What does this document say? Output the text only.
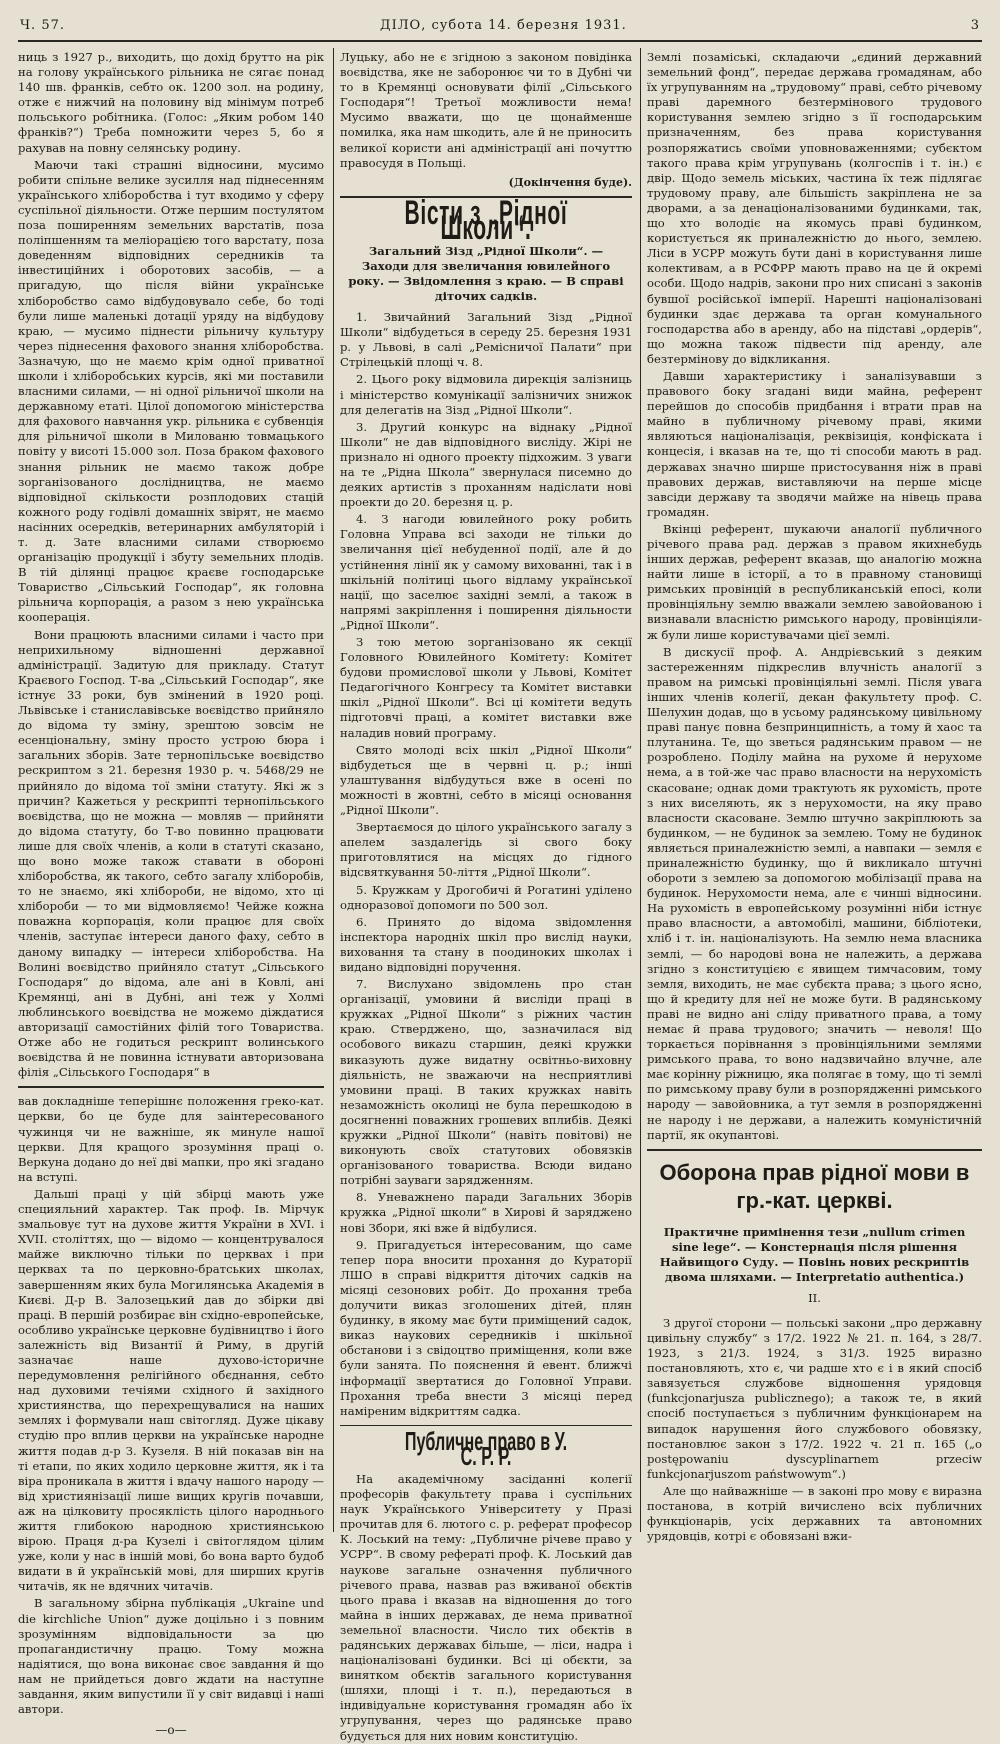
Ч. 57.	ДІЛО, субота 14. березня 1931.	3

ниць з 1927 р., виходить, що дохід брутто на рік на голову українського рільника не сягає понад 140 шв. франків, себто ок. 1200 зол. на родину, отже є нижчий на половину від мінімум потреб польського робітника. (Голос: „Яким робом 140 франків?“) Треба помножити через 5, бо я рахував на повну селянську родину.

Маючи такі страшні відносини, мусимо робити спільне велике зусилля над піднесенням українського хліборобства і тут входимо у сферу суспільної діяльности. Отже першим постулятом поза поширенням земельних варстатів, поза поліпшенням та меліорацією того варстату, поза доведенням відповідних середників та інвестиційних і оборотових засобів, — а пригадую, що після війни українське хліборобство само відбудовувало себе, бо тоді були лише маленькі дотації уряду на відбудову краю, — мусимо піднести рільничу культуру через піднесення фахового знання хліборобства. Зазначую, що не маємо крім одної приватної школи і хліборобських курсів, які ми поставили власними силами, — ні одної рільничої школи на державному етаті. Цілої допомогою міністерства для фахового навчання укр. рільника є субвенція для рільничої школи в Милованю товмацького повіту у висоті 15.000 зол. Поза браком фахового знання рільник не маємо також добре зорганізованого дослідництва, не маємо відповідної скількости розплодових стацій кожного роду годівлі домашніх звірят, не маємо насінних осередків, ветеринарних амбуляторій і т. д. Зате власними силами створюємо організацію продукції і збуту земельних плодів. В тій ділянці працює краєве господарське Товариство „Сільський Господар“, як головна рільнича корпорація, а разом з нею українська кооперація.

Вони працюють власними силами і часто при неприхильному відношенні державної адміністрації. Задитую для прикладу. Статут Краєвого Господ. Т-ва „Сільський Господар“, яке істнує 33 роки, був змінений в 1920 році. Львівське і станиславівське воєвідство прийняло до відома ту зміну, зрештою зовсім не есенціональну, зміну просто устрою бюра і загальних зборів. Зате тернопільське воєвідство рескриптом з 21. березня 1930 р. ч. 5468/29 не прийняло до відома тої зміни статуту. Які ж з причин? Кажеться у рескрипті тернопільського воєвідства, що не можна — мовляв — прийняти до відома статуту, бо Т-во повинно працювати лише для своїх членів, а коли в статуті сказано, що воно може також ставати в обороні хліборобства, як такого, себто загалу хліборобів, то не знаємо, які хлібороби, не відомо, хто ці хлібороби — то ми відмовляємо! Чейже кожна поважна корпорація, коли працює для своїх членів, заступає інтереси даного фаху, себто в даному випадку — інтереси хліборобства. На Волині воєвідство прийняло статут „Сільського Господаря“ до відома, але ані в Ковлі, ані Кремянці, ані в Дубні, ані теж у Холмі люблинського воєвідства не можемо діждатися авторизації самостійних філій того Товариства. Отже або не годиться рескрипт волинського воєвідства й не повинна істнувати авторизована філія „Сільського Господаря“ в

вав докладніше теперішнє положення греко-кат. церкви, бо це буде для заінтересованого чужинця чи не важніше, як минуле нашої церкви. Для кращого зрозуміння праці о. Веркуна додано до неї дві мапки, про які згадано на вступі.

Дальші праці у цій збірці мають уже специяльний характер. Так проф. Ів. Мірчук змальовує тут на духове життя України в XVI. і XVII. століттях, що — відомо — концентрувалося майже виключно тільки по церквах і при церквах та по церковно-братських школах, завершенням яких була Могилянська Академія в Києві. Д-р В. Залозецький дав до збірки дві праці. В першій розбирає він східно-европейське, особливо українське церковне будівництво і його залежність від Византії й Риму, в другій зазначає наше духово-історичне передумовлення релігійного обєднання, себто над духовими течіями східного й західного християнства, що перехрещувалися на наших землях і формували наш світогляд. Дуже цікаву студію про вплив церкви на українське народне життя подав д-р З. Кузеля. В ній показав він на ті етапи, по яких ходило церковне життя, як і та віра проникала в життя і вдачу нашого народу — від християнізації лише вищих кругів почавши, аж на цілковиту просяклість цілого народнього життя глибокою народною християнською вірою. Праця д-ра Кузелі і світоглядом цілим уже, коли у нас в іншій мові, бо вона варто будоб видати в й українській мові, для ширших кругів читачів, як не вдячних читачів.

В загальному збірна публікація „Ukraine und die kirchliche Union“ дуже доцільно і з повним зрозумінням відповідальности за цю пропагандистичну працю. Тому можна надіятися, що вона виконає своє завдання й що нам не прийдеться довго ждати на наступне завдання, яким випустили її у світ видавці і наші автори.

—о—

Луцьку, або не є згідною з законом повідінка воєвідства, яке не заборонює чи то в Дубні чи то в Кремянці основувати філії „Сільського Господаря“! Третьої можливости нема! Мусимо вважати, що це щонайменше помилка, яка нам шкодить, але й не приносить великої користи ані адміністрації ані почуттю правосудя в Польщі.

(Докінчення буде).
Вісти з „Рідної Школи“.
Загальний Зізд „Рідної Школи“. — Заходи для звеличання ювилейного року. — Звідомлення з краю. — В справі діточих садків.

1. Звичайний Загальний Зізд „Рідної Школи“ відбудеться в середу 25. березня 1931 р. у Львові, в салі „Ремісничої Палати“ при Стрілецькій площі ч. 8.

2. Цього року відмовила дирекція залізниць і міністерство комунікації залізничих знижок для делегатів на Зізд „Рідної Школи“.

3. Другий конкурс на віднаку „Рідної Школи“ не дав відповідного висліду. Жірі не признало ні одного проекту підхожим. З уваги на те „Рідна Школа“ звернулася писемно до деяких артистів з проханням надіслати нові проекти до 20. березня ц. р.

4. З нагоди ювилейного року робить Головна Управа всі заходи не тільки до звеличання цієї небуденної події, але й до устійнення лінії як у самому вихованні, так і в шкільній політиці цього відламу української нації, що заселює західні землі, а також в напрямі закріплення і поширення діяльности „Рідної Школи“.

З тою метою зорганізовано як секції Головного Ювилейного Комітету: Комітет будови промислової школи у Львові, Комітет Педагогічного Конгресу та Комітет виставки шкіл „Рідної Школи“. Всі ці комітети ведуть підготовчі праці, а комітет виставки вже наладив новий програму.

Свято молоді всіх шкіл „Рідної Школи“ відбудеться ще в червні ц. р.; інші улаштування відбудуться вже в осені по можності в жовтні, себто в місяці основання „Рідної Школи“.

Звертаємося до цілого українського загалу з апелем заздалегідь зі свого боку приготовлятися на місцях до гідного відсвяткування 50-ліття „Рідної Школи“.

5. Кружкам у Дрогобичі й Рогатині уділено одноразової допомоги по 500 зол.

6. Принято до відома звідомлення інспектора народніх шкіл про вислід науки, виховання та стану в поодиноких школах і видано відповідні поручення.

7. Вислухано звідомлень про стан організації, умовини й висліди праці в кружках „Рідної Школи“ з ріжних частин краю. Стверджено, що, зазначилася від особового викazu старшин, деякі кружки виказують дуже видатну освітньо-виховну діяльність, не зважаючи на несприятливі умовини праці. В таких кружках навіть незаможність околиці не була перешкодою в досягненні поважних грошевих вплибів. Деякі кружки „Рідної Школи“ (навіть повітові) не виконують своїх статутових обовязків організованого товариства. Всюди видано потрібні зауваги зарядженням.

8. Уневажнено паради Загальних Зборів кружка „Рідної школи“ в Хирові й заряджено нові Збори, які вже й відбулися.

9. Пригадується інтересованим, що саме тепер пора вносити прохання до Кураторії ЛШО в справі відкриття діточих садків на місяці сезонових робіт. До прохання треба долучити виказ зголошених дітей, плян будинку, в якому має бути приміщений садок, виказ наукових середників і шкільної обстанови і з свідоцтво приміщення, коли вже були занята. По пояснення й евент. ближчі інформації звертатися до Головної Управи. Прохання треба внести 3 місяці перед наміреним відкриттям садка.

Публичне право в У. С. Р. Р.

На академічному засіданні колегії професорів факультету права і суспільних наук Українського Університету у Празі прочитав для 6. лютого с. р. реферат професор К. Лоський на тему: „Публичне річеве право у УСРР“. В свому рефераті проф. К. Лоський дав наукове загальне означення публичного річевого права, назвав раз вживаної обєктів цього права і вказав на відношення до того майна в інших державах, де нема приватної земельної власности. Число тих обєктів в радянських державах більше, — ліси, надра і націоналізовані будинки. Всі ці обєкти, за винятком обєктів загального користування (шляхи, площі і т. п.), передаються в індивідуальне користування громадян або їх угрупування, через що радянське право будується для них новим конституцію.

Землі позаміські, складаючи „єдиний державний земельний фонд“, передає держава громадянам, або їх угрупуванням на „трудовому“ праві, себто річевому праві даремного безтермінового трудового користування землею згідно з її господарським призначенням, без права користування розпоряжатись своїми уповноваженнями; субєктом такого права крім угрупувань (колгоспів і т. ін.) є двір. Щодо земель міських, частина їх теж підлягає трудовому праву, але більшість закріплена не за дворами, а за денаціоналізованими будинками, так, що хто володіє на якомусь праві будинком, користується як приналежністю до нього, землею. Ліси в УСРР можуть бути дані в користування лише колективам, а в РСФРР мають право на це й окремі особи. Щодо надрів, закони про них списані з законів бувшої російської імперії. Нарешті націоналізовані будинки здає держава та орган комунального господарства або в аренду, або на підставі „ордерів“, що можна також підвести під аренду, але безтермінову до відкликання.

Давши характеристику і заналізувавши з правового боку згадані види майна, референт перейшов до способів придбання і втрати прав на майно в публичному річевому праві, якими являються націоналізація, реквізиція, конфіската і концесія, і вказав на те, що ті способи мають в рад. державах значно ширше пристосування ніж в праві правових держав, виставляючи на перше місце завсіди державу та зводячи майже на нівець права громадян.

Вкінці референт, шукаючи аналогії публичного річевого права рад. держав з правом якихнебудь інших держав, референт вказав, що аналогію можна найти лише в історії, а то в правному становищі римських провінцій в республиканській епосі, коли провінціяльну землю вважали землею завойованою і визнавали власністю римського народу, провінціяли-ж були лише користувачами цієї землі.

В дискусії проф. А. Андрієвський з деяким застереженням підкреслив влучність аналогії з правом на римські провінціяльні землі. Після увага інших членів колегії, декан факультету проф. С. Шелухин додав, що в усьому радянському цивільному праві панує повна безпринципність, а тому й хаос та плутанина. Те, що зветься радянським правом — не розроблено. Поділу майна на рухоме й нерухоме нема, а в той-же час право власности на нерухомість скасоване; однак доми трактують як рухомість, проте з них виселяють, як з нерухомости, на яку право власности скасоване. Землю штучно закріплюють за будинком, — не будинок за землею. Тому не будинок являється приналежністю землі, а навпаки — земля є приналежністю будинку, що й викликало штучні обороти з землею за допомогою мобілізації права на будинок. Нерухомости нема, але є чинші відносини. На рухомість в европейському розумінні ніби істнує право власности, а автомобілі, машини, бібліотеки, хліб і т. ін. націоналізують. На землю нема власника землі, — бо народові вона не належить, а держава згідно з конституцією є явищем тимчасовим, тому земля, виходить, не має субєкта права; з цього ясно, що й кредиту для неї не може бути. В радянському праві не видно ані сліду приватного права, а тому немає й права трудового; значить — неволя! Що торкається порівнання з провінціяльними землями римського права, то воно надзвичайно влучне, але має корінну ріжницю, яка полягає в тому, що ті землі по римському праву були в розпорядженні римського народу — завойовника, а тут земля в розпорядженні не народу і не держави, а належить комуністичній партії, як окупантові.

Оборона прав рідної мови в гр.-кат. церкві.
Практичне примінення тези „nullum crimen sine lege“. — Констернація після рішення Найвищого Суду. — Повінь нових рескриптів двома шляхами. — Interpretatio authentica.)
II.

З другої сторони — польські закони „про державну цивільну службу“ з 17/2. 1922 № 21. п. 164, з 28/7. 1923, з 21/3. 1924, з 31/3. 1925 виразно постановляють, хто є, чи радше хто є і в який спосіб завязується службове відношення урядовця (funkcjonarjusza publicznego); а також те, в який спосіб поступається з публичним функціонарем на випадок нарушення його службового обовязку, постановлює закон з 17/2. 1922 ч. 21 п. 165 („o postępowaniu dyscyplinarnem przeciw funkcjonarjuszom państwowym“.)

Але що найважніше — в законі про мову є виразна постанова, в котрій вичислено всіх публичних функціонарів, усіх державних та автономних урядовців, котрі є обовязані вжи-
